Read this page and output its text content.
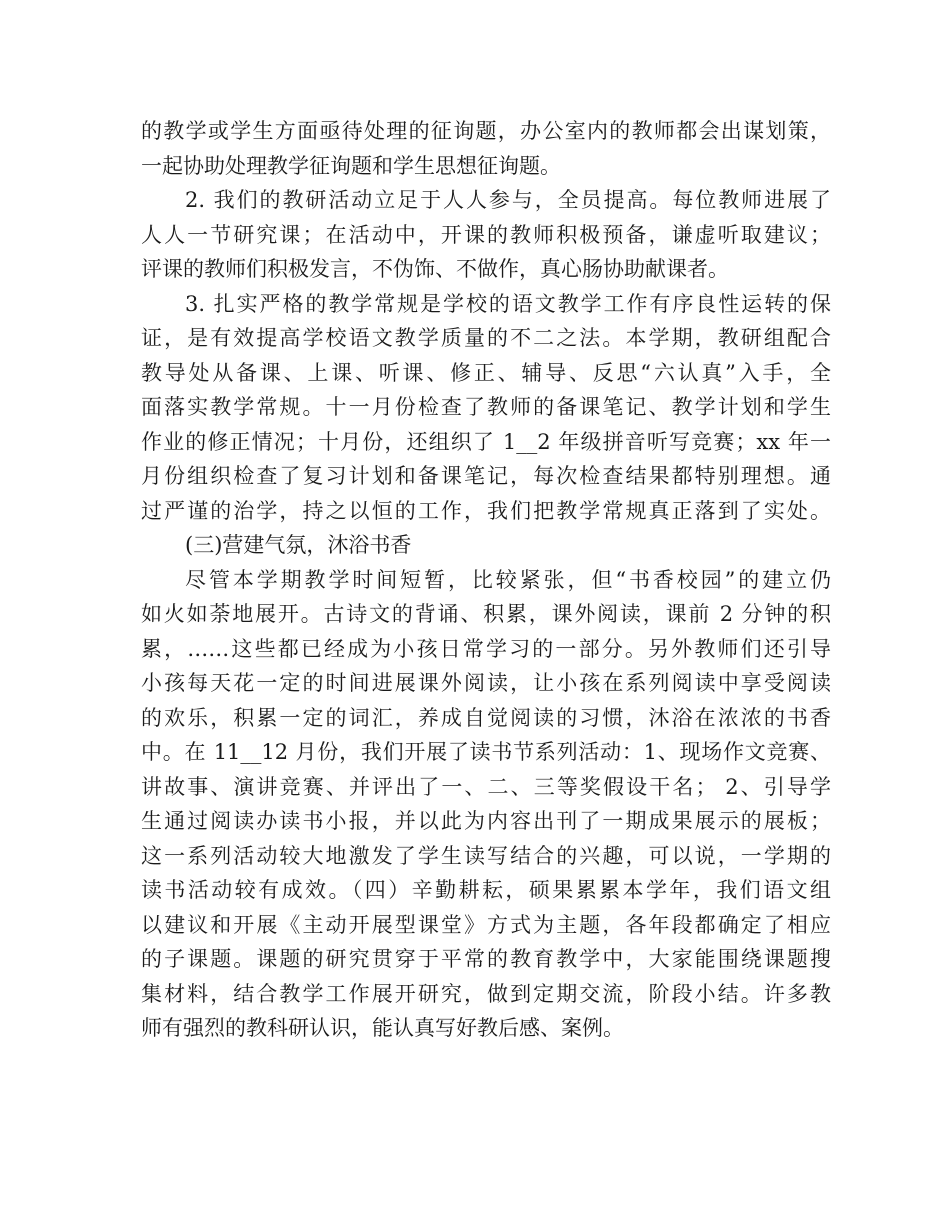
的教学或学生方面亟待处理的征询题，办公室内的教师都会出谋划策，
一起协助处理教学征询题和学生思想征询题。
2. 我们的教研活动立足于人人参与，全员提高。每位教师进展了
人人一节研究课；在活动中，开课的教师积极预备，谦虚听取建议；
评课的教师们积极发言，不伪饰、不做作，真心肠协助献课者。
3. 扎实严格的教学常规是学校的语文教学工作有序良性运转的保
证，是有效提高学校语文教学质量的不二之法。本学期，教研组配合
教导处从备课、上课、听课、修正、辅导、反思“六认真”入手，全
面落实教学常规。十一月份检查了教师的备课笔记、教学计划和学生
作业的修正情况；十月份，还组织了 1__2 年级拼音听写竞赛；xx 年一
月份组织检查了复习计划和备课笔记，每次检查结果都特别理想。通
过严谨的治学，持之以恒的工作，我们把教学常规真正落到了实处。
(三)营建气氛，沐浴书香
尽管本学期教学时间短暂，比较紧张，但“书香校园”的建立仍
如火如荼地展开。古诗文的背诵、积累，课外阅读，课前 2 分钟的积
累，……这些都已经成为小孩日常学习的一部分。另外教师们还引导
小孩每天花一定的时间进展课外阅读，让小孩在系列阅读中享受阅读
的欢乐，积累一定的词汇，养成自觉阅读的习惯，沐浴在浓浓的书香
中。在 11__12 月份，我们开展了读书节系列活动：1、现场作文竞赛、
讲故事、演讲竞赛、并评出了一、二、三等奖假设干名； 2、引导学
生通过阅读办读书小报，并以此为内容出刊了一期成果展示的展板；
这一系列活动较大地激发了学生读写结合的兴趣，可以说，一学期的
读书活动较有成效。（四）辛勤耕耘，硕果累累本学年，我们语文组
以建议和开展《主动开展型课堂》方式为主题，各年段都确定了相应
的子课题。课题的研究贯穿于平常的教育教学中，大家能围绕课题搜
集材料，结合教学工作展开研究，做到定期交流，阶段小结。许多教
师有强烈的教科研认识，能认真写好教后感、案例。
